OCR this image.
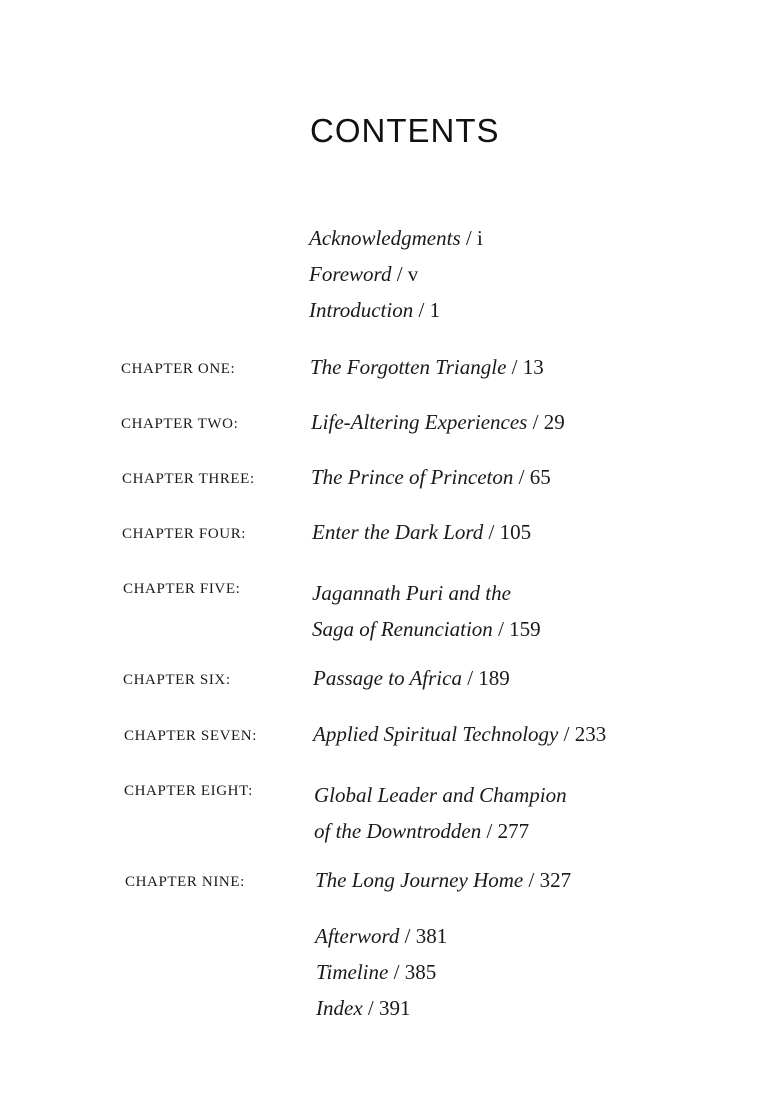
CONTENTS
Acknowledgments / i
Foreword / v
Introduction / 1
CHAPTER ONE:	The Forgotten Triangle / 13
CHAPTER TWO:	Life-Altering Experiences / 29
CHAPTER THREE:	The Prince of Princeton / 65
CHAPTER FOUR:	Enter the Dark Lord / 105
CHAPTER FIVE:	Jagannath Puri and the
Saga of Renunciation / 159
CHAPTER SIX:	Passage to Africa / 189
CHAPTER SEVEN:	Applied Spiritual Technology / 233
CHAPTER EIGHT:	Global Leader and Champion
of the Downtrodden / 277
CHAPTER NINE:	The Long Journey Home / 327
Afterword / 381
Timeline / 385
Index / 391
